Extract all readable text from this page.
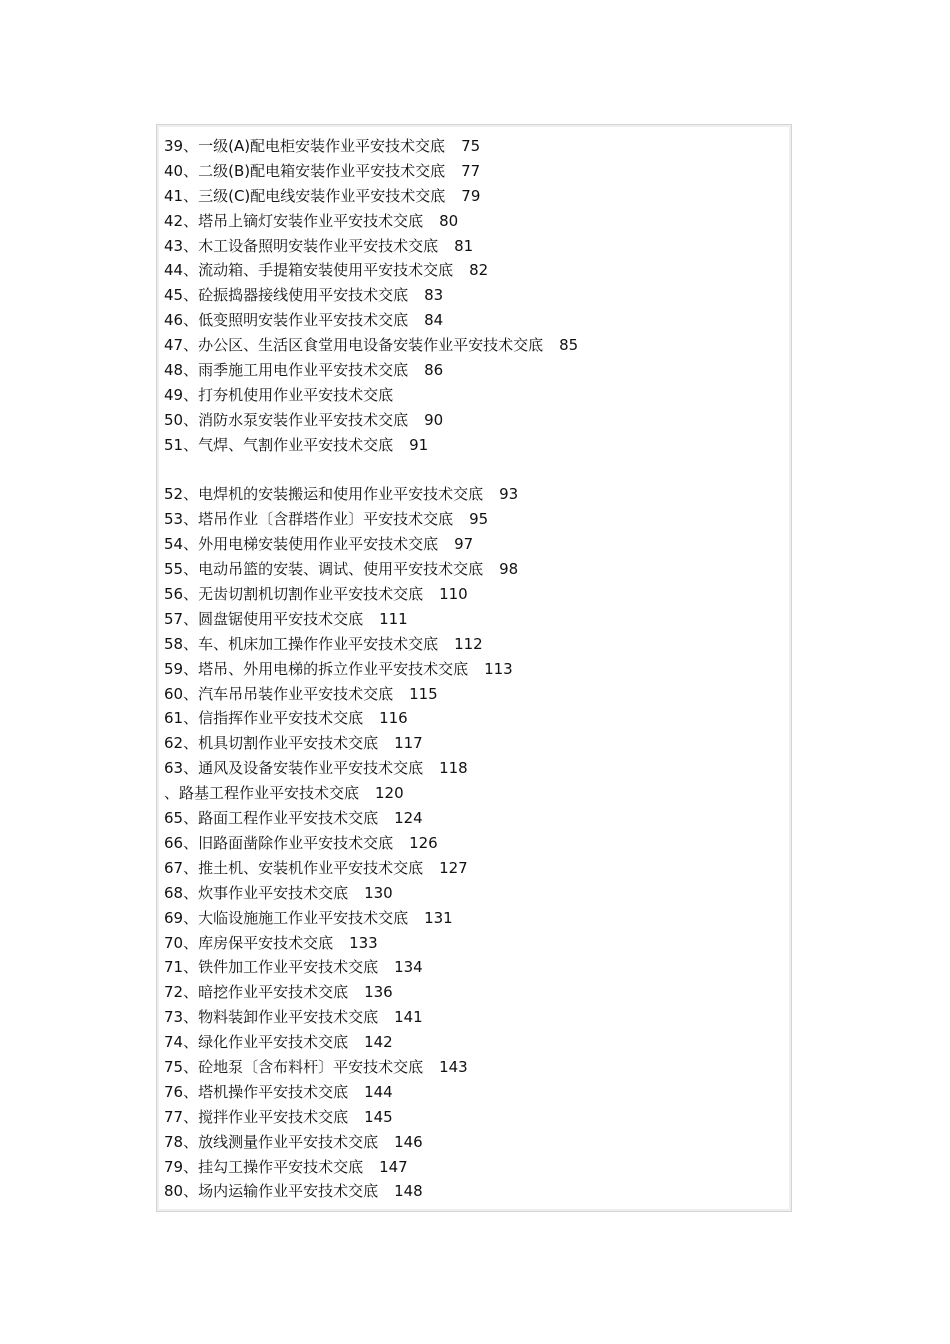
39、一级(A)配电柜安装作业平安技术交底 75
40、二级(B)配电箱安装作业平安技术交底 77
41、三级(C)配电线安装作业平安技术交底 79
42、塔吊上镝灯安装作业平安技术交底 80
43、木工设备照明安装作业平安技术交底 81
44、流动箱、手提箱安装使用平安技术交底 82
45、砼振捣器接线使用平安技术交底 83
46、低变照明安装作业平安技术交底 84
47、办公区、生活区食堂用电设备安装作业平安技术交底 85
48、雨季施工用电作业平安技术交底 86
49、打夯机使用作业平安技术交底
50、消防水泵安装作业平安技术交底 90
51、气焊、气割作业平安技术交底 91
52、电焊机的安装搬运和使用作业平安技术交底 93
53、塔吊作业〔含群塔作业〕平安技术交底 95
54、外用电梯安装使用作业平安技术交底 97
55、电动吊篮的安装、调试、使用平安技术交底 98
56、无齿切割机切割作业平安技术交底 110
57、圆盘锯使用平安技术交底 111
58、车、机床加工操作作业平安技术交底 112
59、塔吊、外用电梯的拆立作业平安技术交底 113
60、汽车吊吊装作业平安技术交底 115
61、信指挥作业平安技术交底 116
62、机具切割作业平安技术交底 117
63、通风及设备安装作业平安技术交底 118
、路基工程作业平安技术交底 120
65、路面工程作业平安技术交底 124
66、旧路面凿除作业平安技术交底 126
67、推土机、安装机作业平安技术交底 127
68、炊事作业平安技术交底 130
69、大临设施施工作业平安技术交底 131
70、库房保平安技术交底 133
71、铁件加工作业平安技术交底 134
72、暗挖作业平安技术交底 136
73、物料装卸作业平安技术交底 141
74、绿化作业平安技术交底 142
75、砼地泵〔含布料杆〕平安技术交底 143
76、塔机操作平安技术交底 144
77、搅拌作业平安技术交底 145
78、放线测量作业平安技术交底 146
79、挂勾工操作平安技术交底 147
80、场内运输作业平安技术交底 148
